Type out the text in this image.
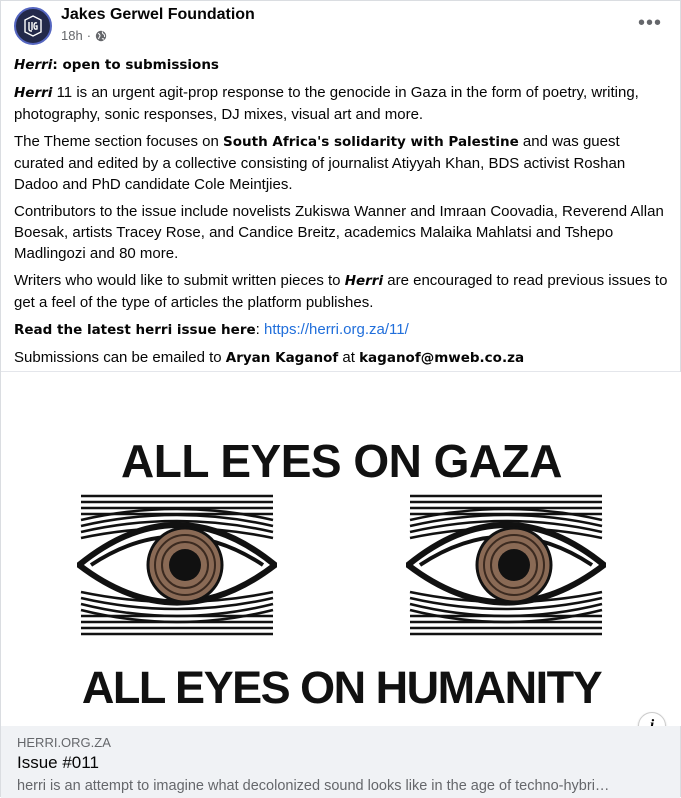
Jakes Gerwel Foundation
18h ·
•••

Herri: open to submissions

Herri 11 is an urgent agit-prop response to the genocide in Gaza in the form of poetry, writing, photography, sonic responses, DJ mixes, visual art and more.

The Theme section focuses on South Africa's solidarity with Palestine and was guest curated and edited by a collective consisting of journalist Atiyyah Khan, BDS activist Roshan Dadoo and PhD candidate Cole Meintjies.

Contributors to the issue include novelists Zukiswa Wanner and Imraan Coovadia, Reverend Allan Boesak, artists Tracey Rose, and Candice Breitz, academics Malaika Mahlatsi and Tshepo Madlingozi and 80 more.

Writers who would like to submit written pieces to Herri are encouraged to read previous issues to get a feel of the type of articles the platform publishes.

Read the latest herri issue here: https://herri.org.za/11/

Submissions can be emailed to Aryan Kaganof at kaganof@mweb.co.za

ALL EYES ON GAZA
ALL EYES ON HUMANITY
HERRI.ORG.ZA
Issue #011
herri is an attempt to imagine what decolonized sound looks like in the age of techno-hybri…
